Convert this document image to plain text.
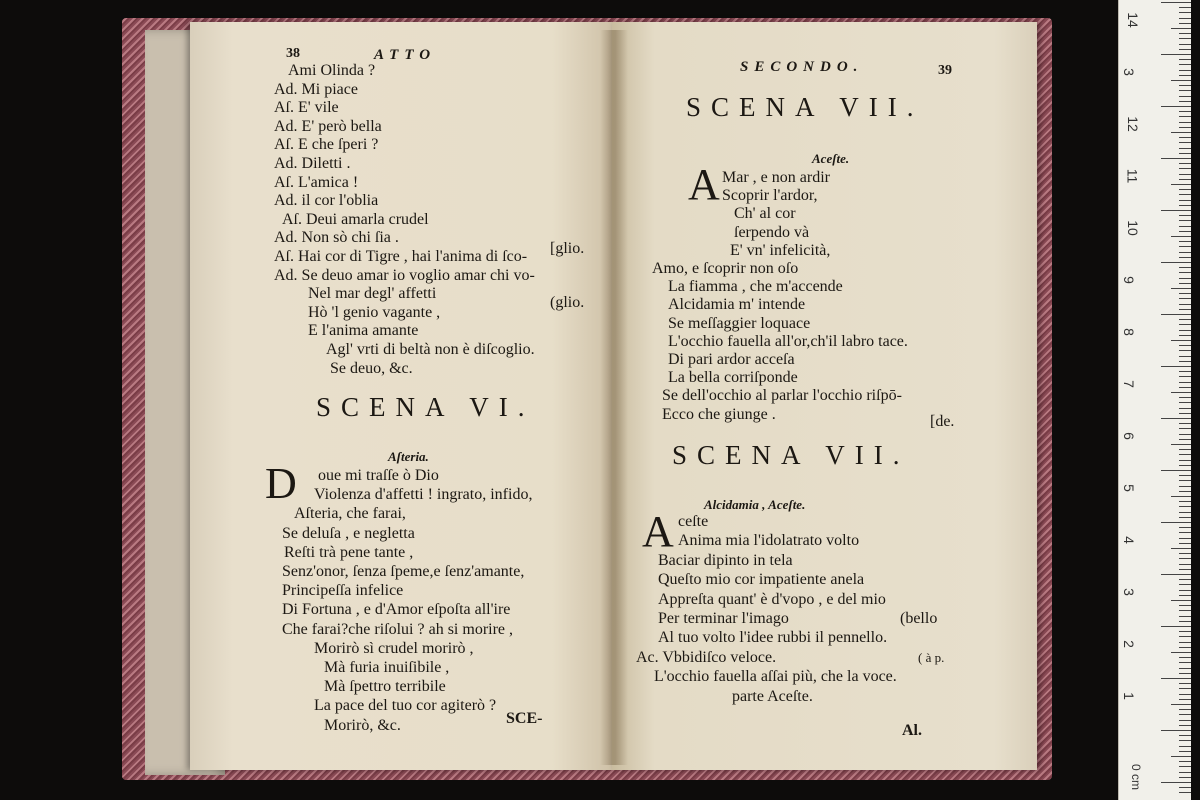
38	ATTO
Ami Olinda ?
Ad. Mi piace
Aſ. E' vile
Ad. E' però bella
Aſ. E che ſperi ?
Ad. Diletti .
Aſ. L'amica !
Ad. il cor l'oblia
Aſ. Deui amarla crudel
Ad. Non sò chi ſia .
Aſ. Hai cor di Tigre , hai l'anima di ſco-
Ad. Se deuo amar io voglio amar chi vo-
Nel mar degl' affetti
Hò 'l genio vagante ,
E l'anima amante
Agl' vrti di beltà non è diſcoglio.
Se deuo, &c.
[glio.
(glio.
SCENA VI.
Aſteria.
D oue mi traſſe ò Dio
Violenza d'affetti ! ingrato, infido,
Aſteria, che farai,
Se deluſa , e negletta
Reſti trà pene tante ,
Senz'onor, ſenza ſpeme,e ſenz'amante,
Principeſſa infelice
Di Fortuna , e d'Amor eſpoſta all'ire
Che farai?che riſolui ? ah si morire ,
Morirò sì crudel morirò ,
Mà furia inuiſibile ,
Mà ſpettro terribile
La pace del tuo cor agiterò ?
Morirò, &c.	SCE-
SECONDO.	39
SCENA VII.
Aceſte.
A Mar , e non ardir
Scoprir l'ardor,
Ch' al cor
ſerpendo và
E' vn' infelicità,
Amo, e ſcoprir non oſo
La fiamma , che m'accende
Alcidamia m' intende
Se meſſaggier loquace
L'occhio fauella all'or,ch'il labro tace.
Di pari ardor acceſa
La bella corriſponde
Se dell'occhio al parlar l'occhio riſpō-
Ecco che giunge .	[de.
SCENA VII.
Alcidamia , Aceſte.
A ceſte
Anima mia l'idolatrato volto
Baciar dipinto in tela
Queſto mio cor impatiente anela
Appreſta quant' è d'vopo , e del mio
Per terminar l'imago
Al tuo volto l'idee rubbi il pennello.
Ac. Vbbidiſco veloce.
L'occhio fauella aſſai più, che la voce.
parte Aceſte.
(bello
( à p.
Al.
14
3
12
11
10
9
8
7
6
5
4
3
2
1
0 cm
